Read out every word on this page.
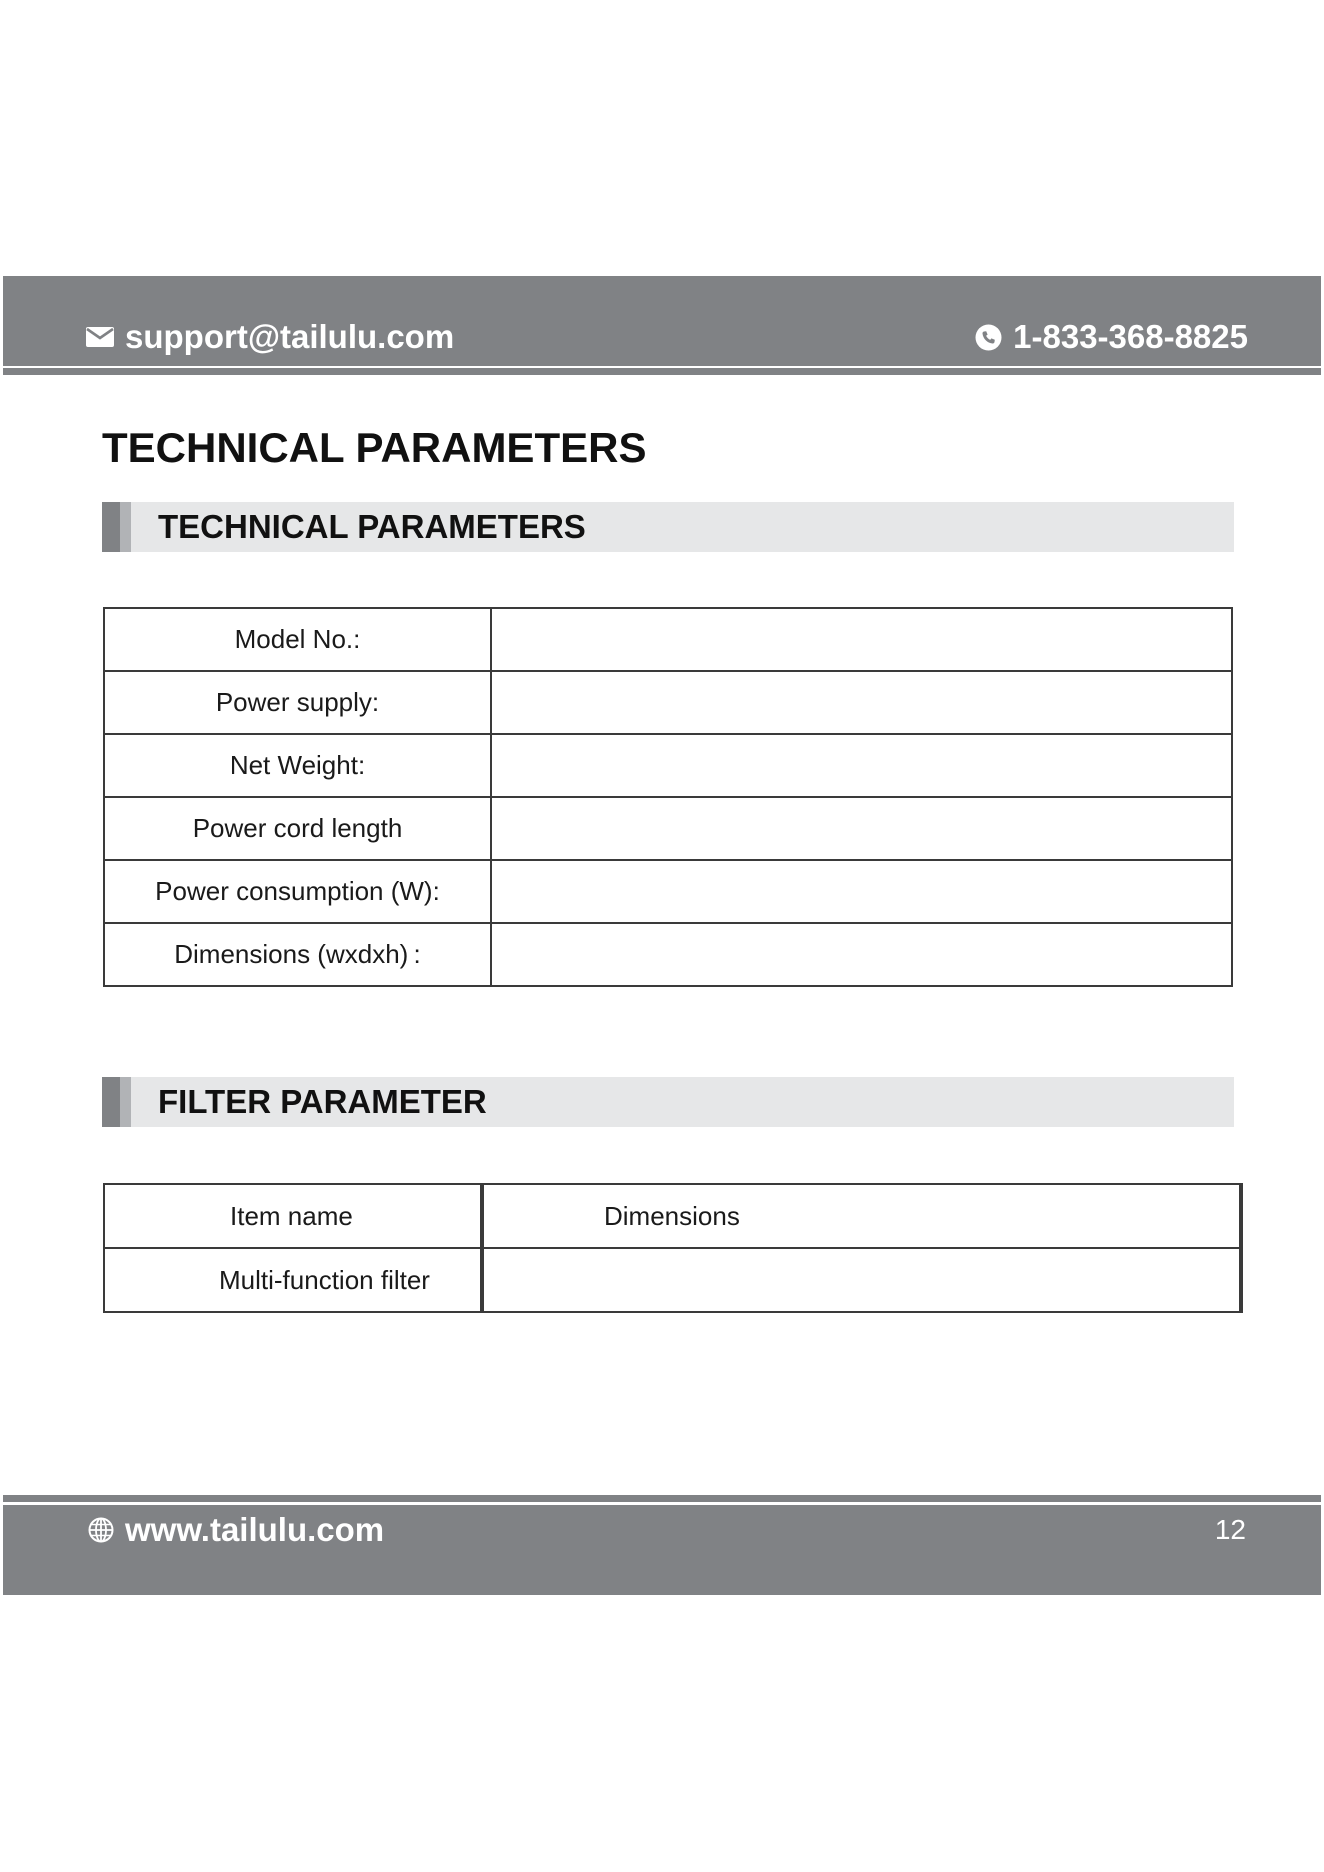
support@tailulu.com	1-833-368-8825
TECHNICAL PARAMETERS
TECHNICAL PARAMETERS
Model No.:	
Power supply:	
Net Weight:	
Power cord length	
Power consumption (W):	
Dimensions (wxdxh) :	
FILTER PARAMETER
Item name	Dimensions
Multi-function filter	
www.tailulu.com	12
